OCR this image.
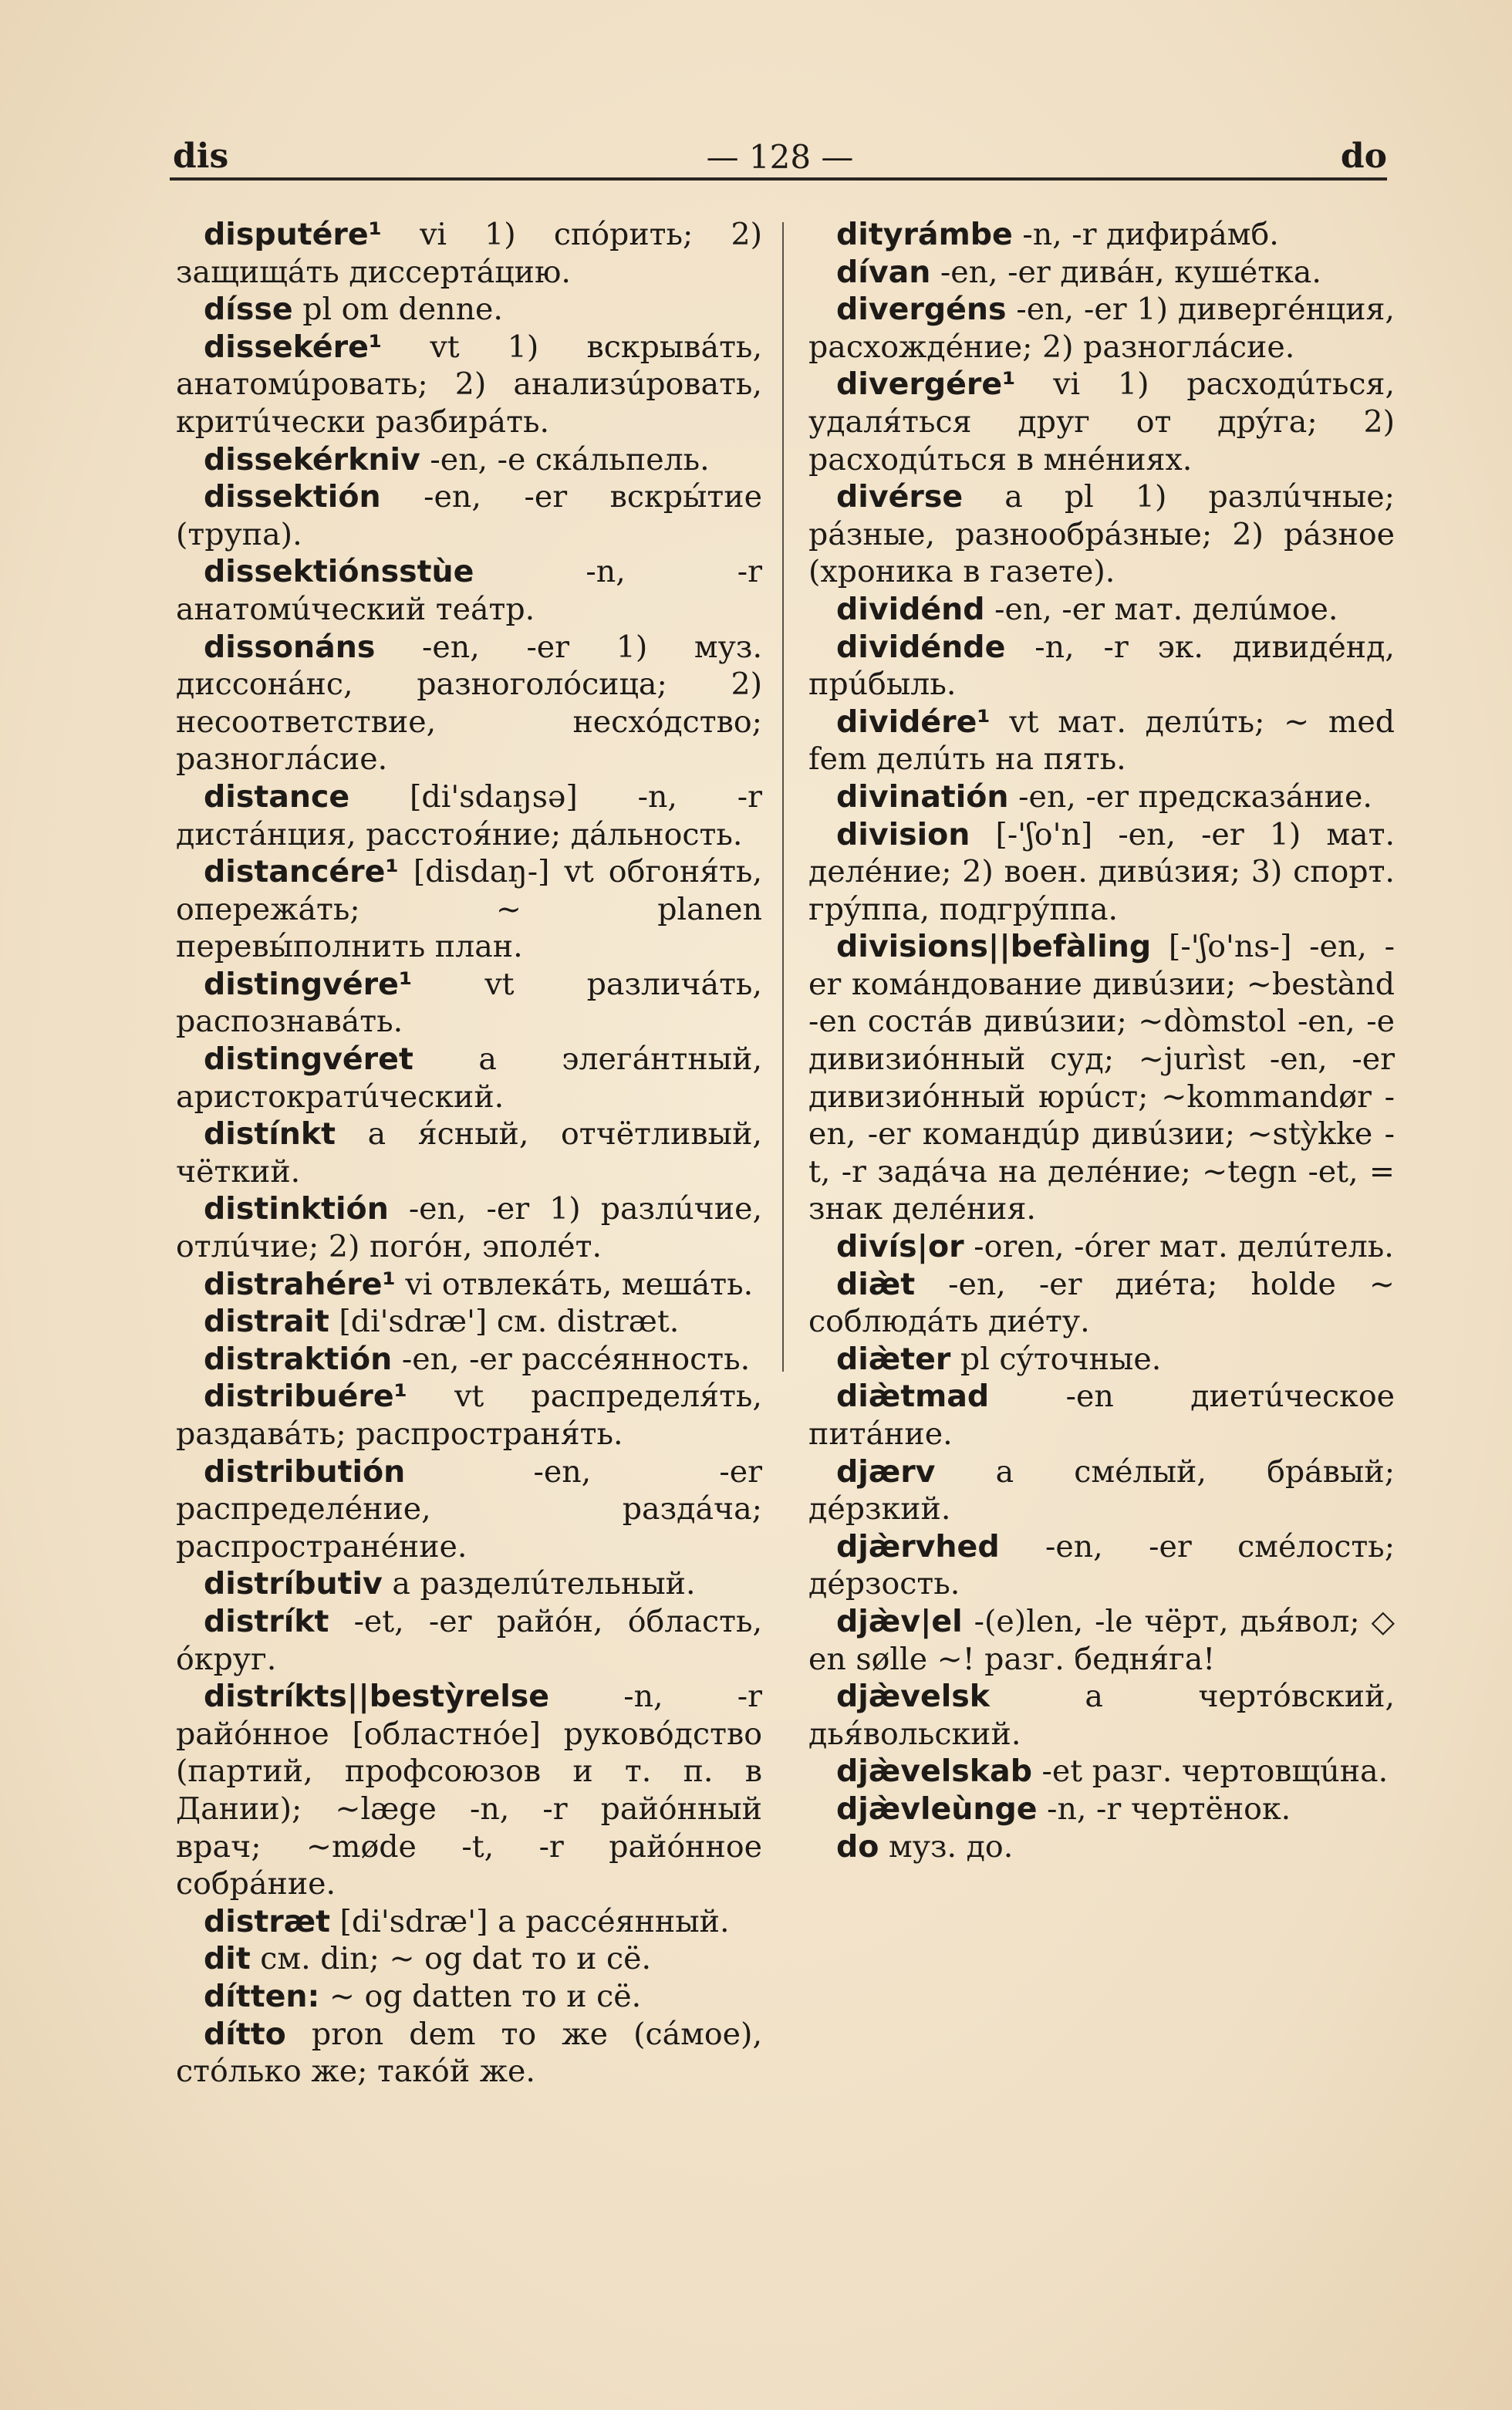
dis	— 128 —	do

disputére¹ vi 1) спóрить; 2) защищáть диссертáцию.

dísse pl om denne.

dissekére¹ vt 1) вскрывáть, анатомúровать; 2) анализúровать, критúчески разбирáть.

dissekérkniv -en, -e скáльпель.

dissektión -en, -er вскры́тие (трупа).

dissektiónsstùe -n, -r анатомúческий теáтр.

dissonáns -en, -er 1) муз. диссонáнс, разноголóсица; 2) несоответствие, несхóдство; разноглáсие.

distance [di'sdaŋsə] -n, -r дистáнция, расстоя́ние; дáльность.

distancére¹ [disdaŋ-] vt обгоня́ть, опережáть; ~ planen перевы́полнить план.

distingvére¹ vt различáть, распознавáть.

distingvéret a элегáнтный, аристократúческий.

distínkt a я́сный, отчётливый, чёткий.

distinktión -en, -er 1) разлúчие, отлúчие; 2) погóн, эполéт.

distrahére¹ vi отвлекáть, мешáть.

distrait [di'sdræ'] см. distræt.

distraktión -en, -er рассéянность.

distribuére¹ vt распределя́ть, раздавáть; распространя́ть.

distributión -en, -er распределéние, раздáча; распространéние.

distríbutiv a разделúтельный.

distríkt -et, -er райóн, óбласть, óкруг.

distríkts||bestỳrelse -n, -r райóнное [областнóе] руковóдство (партий, профсоюзов и т. п. в Дании); ~læge -n, -r райóнный врач; ~møde -t, -r райóнное собрáние.

distræt [di'sdræ'] a рассéянный.

dit см. din; ~ og dat то и сё.

dítten: ~ og datten то и сё.

dítto pron dem то же (сáмое), стóлько же; такóй же.

dityrámbe -n, -r дифирáмб.

dívan -en, -er дивáн, кушéтка.

divergéns -en, -er 1) дивергéнция, расхождéние; 2) разноглáсие.

divergére¹ vi 1) расходúться, удаля́ться друг от дрýга; 2) расходúться в мнéниях.

divérse a pl 1) разлúчные; рáзные, разнообрáзные; 2) рáзное (хроника в газете).

dividénd -en, -er мат. делúмое.

dividénde -n, -r эк. дивидéнд, прúбыль.

dividére¹ vt мат. делúть; ~ med fem делúть на пять.

divinatión -en, -er предсказáние.

division [-'ʃo'n] -en, -er 1) мат. делéние; 2) воен. дивúзия; 3) спорт. грýппа, подгрýппа.

divisions||befàling [-'ʃo'ns-] -en, -er комáндование дивúзии; ~bestànd -en состáв дивúзии; ~dòmstol -en, -e дивизиóнный суд; ~jurìst -en, -er дивизиóнный юрúст; ~kommandør -en, -er командúр дивúзии; ~stỳkke -t, -r задáча на делéние; ~tegn -et, = знак делéния.

divís|or -oren, -órer мат. делúтель.

diæ̀t -en, -er диéта; holde ~ соблюдáть диéту.

diæ̀ter pl сýточные.

diæ̀tmad -en диетúческое питáние.

djærv a смéлый, брáвый; дéрзкий.

djæ̀rvhed -en, -er смéлость; дéрзость.

djæ̀v|el -(e)len, -le чёрт, дья́вол; ◇ en sølle ~! разг. бедня́га!

djæ̀velsk a чертóвский, дья́вольский.

djæ̀velskab -et разг. чертовщúна.

djæ̀vleùnge -n, -r чертёнок.

do муз. до.
